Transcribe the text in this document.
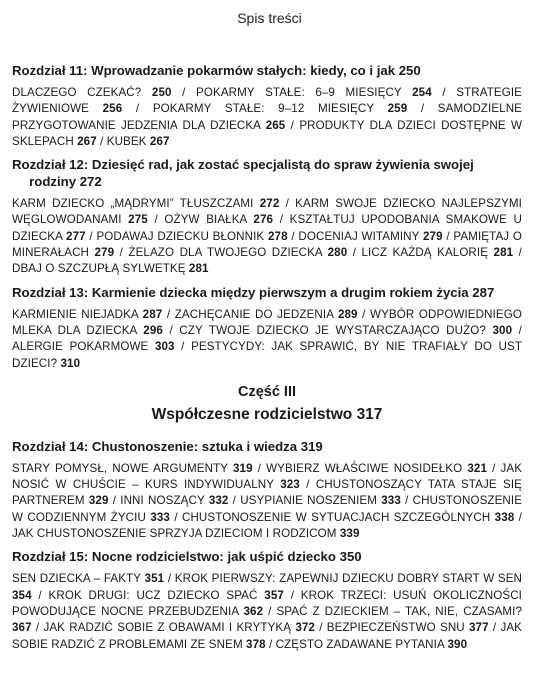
Spis treści
Rozdział 11: Wprowadzanie pokarmów stałych: kiedy, co i jak 250
DLACZEGO CZEKAĆ? 250 / POKARMY STAŁE: 6–9 MIESIĘCY 254 / STRATEGIE ŻYWIENIOWE 256 / POKARMY STAŁE: 9–12 MIESIĘCY 259 / SAMODZIELNE PRZYGOTOWANIE JEDZENIA DLA DZIECKA 265 / PRODUKTY DLA DZIECI DOSTĘPNE W SKLEPACH 267 / KUBEK 267
Rozdział 12: Dziesięć rad, jak zostać specjalistą do spraw żywienia swojej rodziny 272
KARM DZIECKO „MĄDRYMI” TŁUSZCZAMI 272 / KARM SWOJE DZIECKO NAJLEPSZYMI WĘGLOWODANAMI 275 / OŻYW BIAŁKA 276 / KSZTAŁTUJ UPODOBANIA SMAKOWE U DZIECKA 277 / PODAWAJ DZIECKU BŁONNIK 278 / DOCENIAJ WITAMINY 279 / PAMIĘTAJ O MINERAŁACH 279 / ŻELAZO DLA TWOJEGO DZIECKA 280 / LICZ KAŻDĄ KALORIĘ 281 / DBAJ O SZCZUPŁĄ SYLWETKĘ 281
Rozdział 13: Karmienie dziecka między pierwszym a drugim rokiem życia 287
KARMIENIE NIEJADKA 287 / ZACHĘCANIE DO JEDZENIA 289 / WYBÓR ODPOWIEDNIEGO MLEKA DLA DZIECKA 296 / CZY TWOJE DZIECKO JE WYSTARCZAJĄCO DUŻO? 300 / ALERGIE POKARMOWE 303 / PESTYCYDY: JAK SPRAWIĆ, BY NIE TRAFIAŁY DO UST DZIECI? 310
Część III
Współczesne rodzicielstwo 317
Rozdział 14: Chustonoszenie: sztuka i wiedza 319
STARY POMYSŁ, NOWE ARGUMENTY 319 / WYBIERZ WŁAŚCIWE NOSIDEŁKO 321 / JAK NOSIĆ W CHUŚCIE – KURS INDYWIDUALNY 323 / CHUSTONOSZĄCY TATA STAJE SIĘ PARTNEREM 329 / INNI NOSZĄCY 332 / USYPIANIE NOSZENIEM 333 / CHUSTONOSZENIE W CODZIENNYM ŻYCIU 333 / CHUSTONOSZENIE W SYTUACJACH SZCZEGÓLNYCH 338 / JAK CHUSTONOSZENIE SPRZYJA DZIECIOM I RODZICOM 339
Rozdział 15: Nocne rodzicielstwo: jak uśpić dziecko 350
SEN DZIECKA – FAKTY 351 / KROK PIERWSZY: ZAPEWNIJ DZIECKU DOBRY START W SEN 354 / KROK DRUGI: UCZ DZIECKO SPAĆ 357 / KROK TRZECI: USUŃ OKOLICZNOŚCI POWODUJĄCE NOCNE PRZEBUDZENIA 362 / SPAĆ Z DZIECKIEM – TAK, NIE, CZASAMI? 367 / JAK RADZIĆ SOBIE Z OBAWAMI I KRYTYKĄ 372 / BEZPIECZEŃSTWO SNU 377 / JAK SOBIE RADZIĆ Z PROBLEMAMI ZE SNEM 378 / CZĘSTO ZADAWANE PYTANIA 390
